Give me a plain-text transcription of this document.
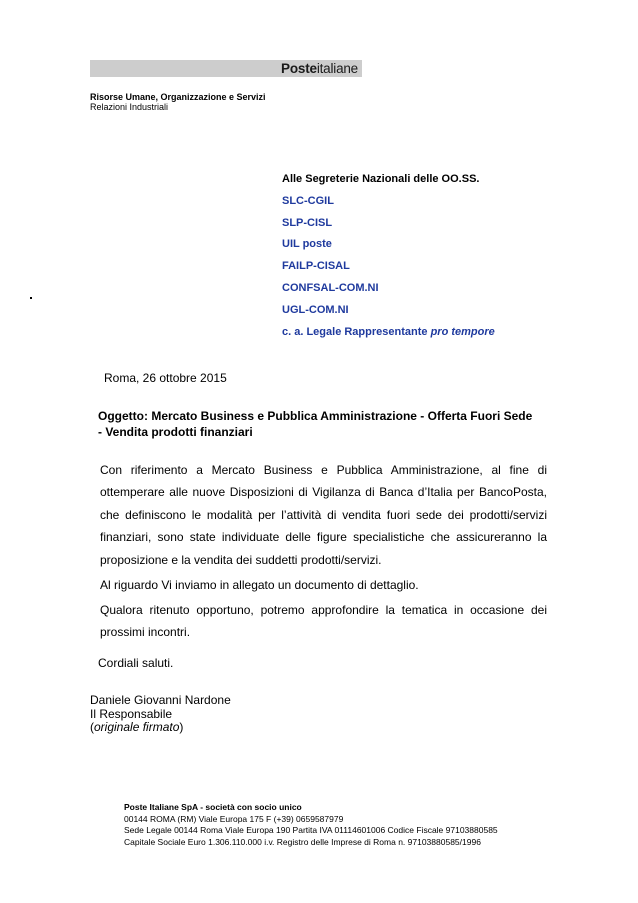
Posteitaliane
Risorse Umane, Organizzazione e Servizi
Relazioni Industriali
Alle Segreterie Nazionali delle OO.SS.
SLC-CGIL
SLP-CISL
UIL poste
FAILP-CISAL
CONFSAL-COM.NI
UGL-COM.NI
c. a. Legale Rappresentante pro tempore
Roma, 26 ottobre 2015
Oggetto: Mercato Business e Pubblica Amministrazione - Offerta Fuori Sede - Vendita prodotti finanziari
Con riferimento a Mercato Business e Pubblica Amministrazione, al fine di ottemperare alle nuove Disposizioni di Vigilanza di Banca d’Italia per BancoPosta, che definiscono le modalità per l’attività di vendita fuori sede dei prodotti/servizi finanziari, sono state individuate delle figure specialistiche che assicureranno la proposizione e la vendita dei suddetti prodotti/servizi.
Al riguardo Vi inviamo in allegato un documento di dettaglio.
Qualora ritenuto opportuno, potremo approfondire la tematica in occasione dei prossimi incontri.
Cordiali saluti.
Daniele Giovanni Nardone
Il Responsabile
(originale firmato)
Poste Italiane SpA - società con socio unico
00144 ROMA (RM) Viale Europa 175 F (+39) 0659587979
Sede Legale 00144 Roma Viale Europa 190 Partita IVA 01114601006 Codice Fiscale 97103880585
Capitale Sociale Euro 1.306.110.000 i.v. Registro delle Imprese di Roma n. 97103880585/1996
